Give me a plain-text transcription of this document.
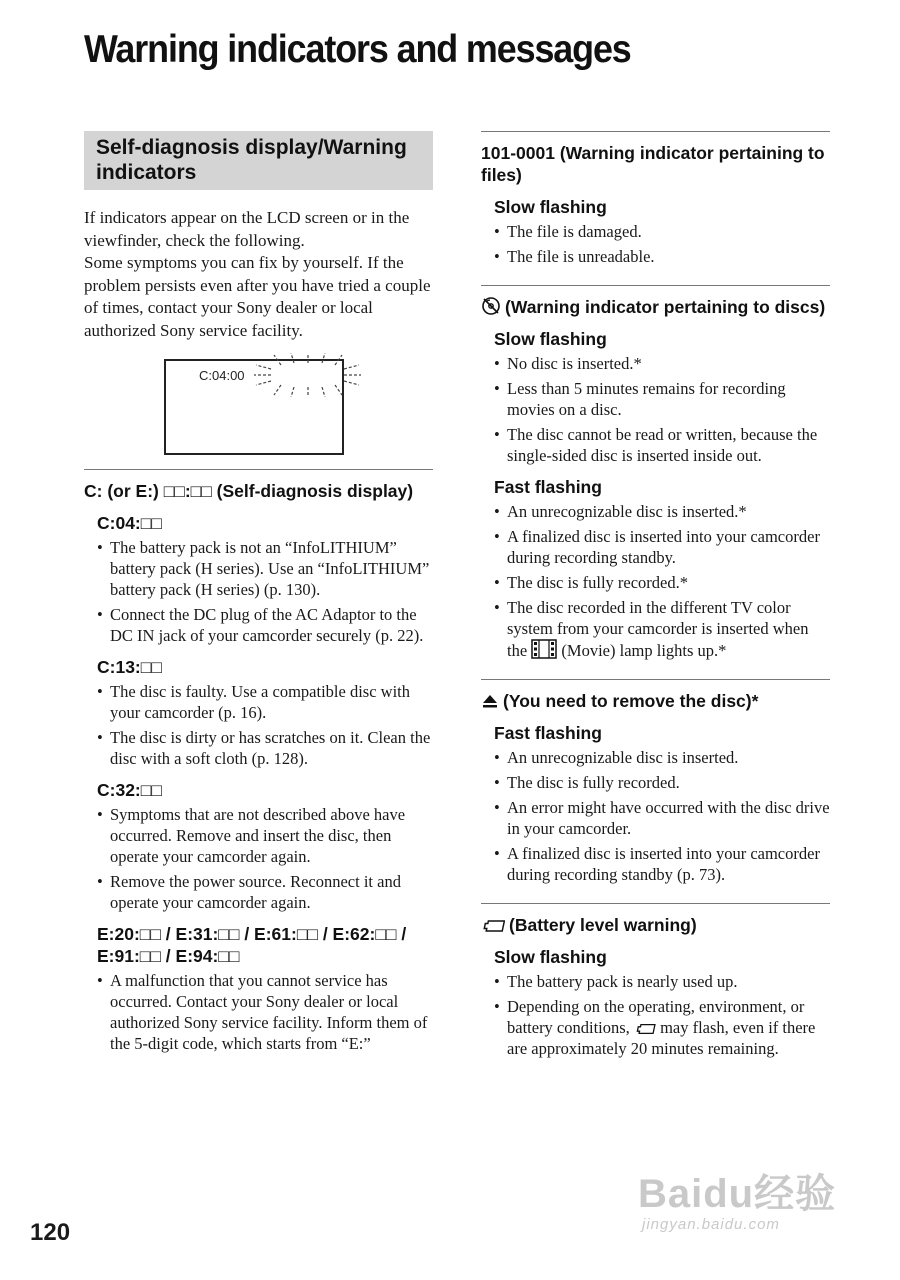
Warning indicators and messages
Self-diagnosis display/Warning indicators

If indicators appear on the LCD screen or in the viewfinder, check the following.

Some symptoms you can fix by yourself. If the problem persists even after you have tried a couple of times, contact your Sony dealer or local authorized Sony service facility.

C:04:00
C: (or E:) □□:□□ (Self-diagnosis display)
C:04:□□
• The battery pack is not an “InfoLITHIUM” battery pack (H series). Use an “InfoLITHIUM” battery pack (H series) (p. 130).
• Connect the DC plug of the AC Adaptor to the DC IN jack of your camcorder securely (p. 22).
C:13:□□
• The disc is faulty. Use a compatible disc with your camcorder (p. 16).
• The disc is dirty or has scratches on it. Clean the disc with a soft cloth (p. 128).
C:32:□□
• Symptoms that are not described above have occurred. Remove and insert the disc, then operate your camcorder again.
• Remove the power source. Reconnect it and operate your camcorder again.
E:20:□□ / E:31:□□ / E:61:□□ / E:62:□□ / E:91:□□ / E:94:□□
• A malfunction that you cannot service has occurred. Contact your Sony dealer or local authorized Sony service facility. Inform them of the 5-digit code, which starts from “E:”
101-0001 (Warning indicator pertaining to files)
Slow flashing
• The file is damaged.
• The file is unreadable.
(Warning indicator pertaining to discs)
Slow flashing
• No disc is inserted.*
• Less than 5 minutes remains for recording movies on a disc.
• The disc cannot be read or written, because the single-sided disc is inserted inside out.
Fast flashing
• An unrecognizable disc is inserted.*
• A finalized disc is inserted into your camcorder during recording standby.
• The disc is fully recorded.*
• The disc recorded in the different TV color system from your camcorder is inserted when the (Movie) lamp lights up.*
(You need to remove the disc)*
Fast flashing
• An unrecognizable disc is inserted.
• The disc is fully recorded.
• An error might have occurred with the disc drive in your camcorder.
• A finalized disc is inserted into your camcorder during recording standby (p. 73).
(Battery level warning)
Slow flashing
• The battery pack is nearly used up.
• Depending on the operating, environment, or battery conditions, may flash, even if there are approximately 20 minutes remaining.
120
Baidu经验
jingyan.baidu.com
